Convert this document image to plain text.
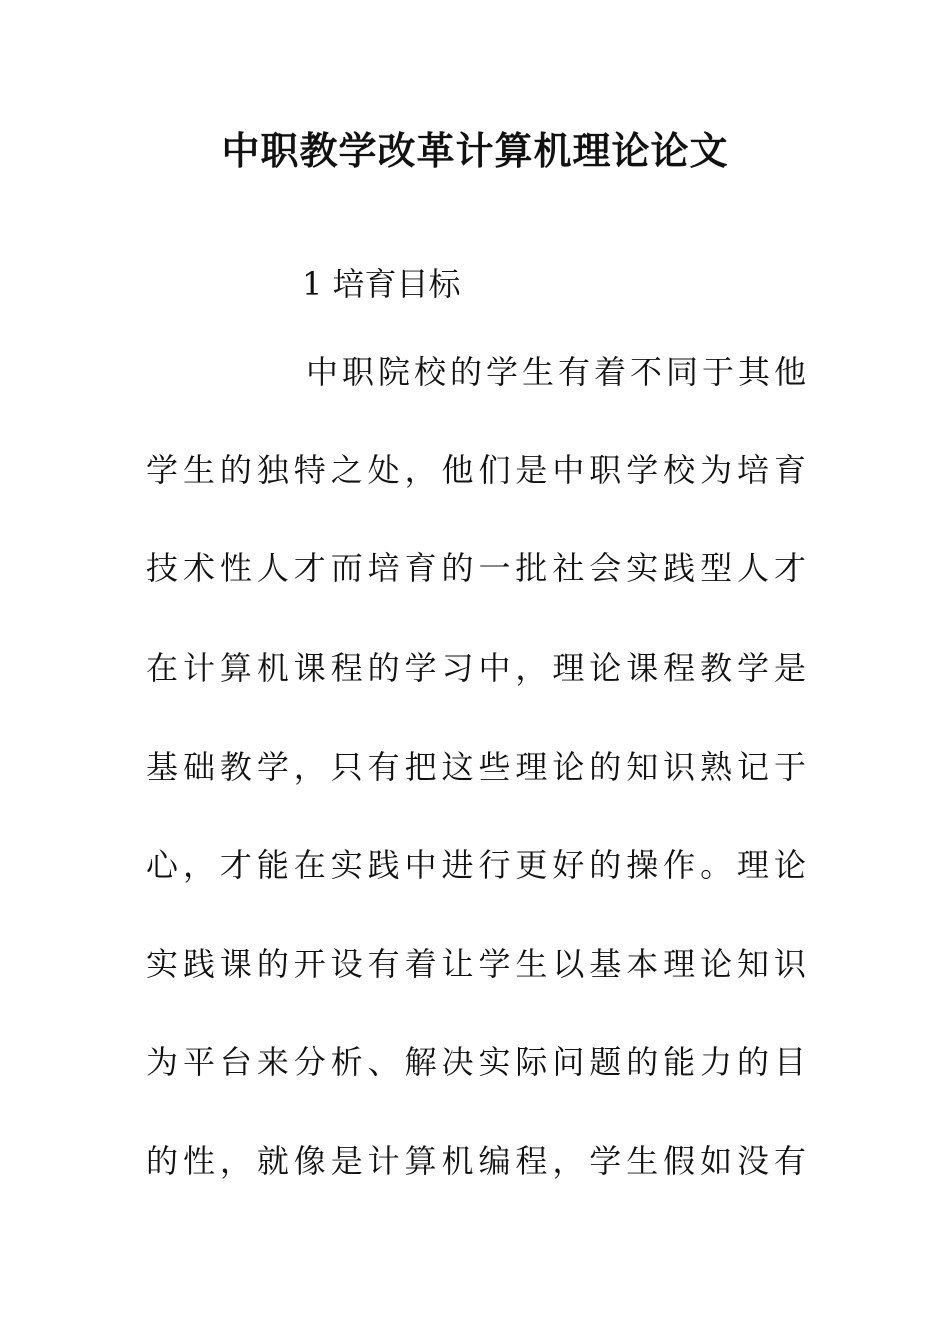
中职教学改革计算机理论论文
1 培育目标
中职院校的学生有着不同于其他
学生的独特之处，他们是中职学校为培育
技术性人才而培育的一批社会实践型人才
在计算机课程的学习中，理论课程教学是
基础教学，只有把这些理论的知识熟记于
心，才能在实践中进行更好的操作。理论
实践课的开设有着让学生以基本理论知识
为平台来分析、解决实际问题的能力的目
的性，就像是计算机编程，学生假如没有
